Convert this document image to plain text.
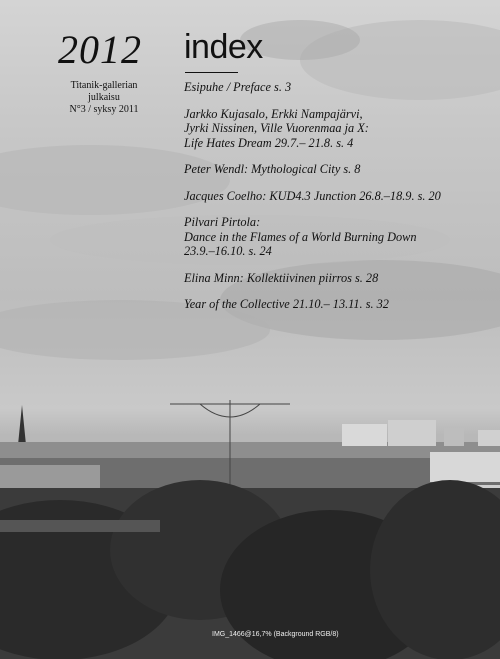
2012
Titanik-gallerian julkaisu
N°3 / syksy 2011
index
Esipuhe / Preface s. 3
Jarkko Kujasalo, Erkki Nampajärvi,
Jyrki Nissinen, Ville Vuorenmaa ja X:
Life Hates Dream 29.7.– 21.8. s. 4
Peter Wendl: Mythological City s. 8
Jacques Coelho: KUD4.3 Junction 26.8.–18.9. s. 20
Pilvari Pirtola:
Dance in the Flames of a World Burning Down
23.9.–16.10. s. 24
Elina Minn: Kollektiivinen piirros s. 28
Year of the Collective 21.10.– 13.11. s. 32
IMG_1466@16,7% (Background RGB/8)
